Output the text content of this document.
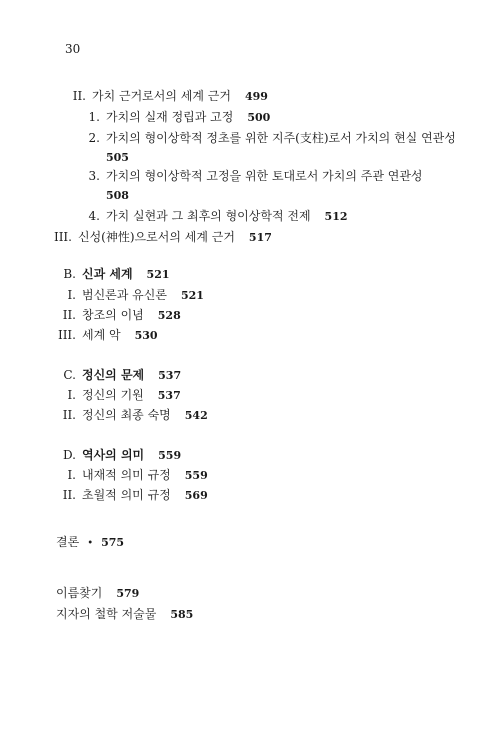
30
II. 가치 근거로서의 세계 근거 499
1. 가치의 실재 정립과 고정 500
2. 가치의 형이상학적 정초를 위한 지주(支柱)로서 가치의 현실 연관성
505
3. 가치의 형이상학적 고정을 위한 토대로서 가치의 주관 연관성
508
4. 가치 실현과 그 최후의 형이상학적 전제 512
III. 신성(神性)으로서의 세계 근거 517
B. 신과 세계 521
I. 범신론과 유신론 521
II. 창조의 이념 528
III. 세계 악 530
C. 정신의 문제 537
I. 정신의 기원 537
II. 정신의 최종 숙명 542
D. 역사의 의미 559
I. 내재적 의미 규정 559
II. 초월적 의미 규정 569
결론 • 575
이름찾기 579
지자의 철학 저술물 585
